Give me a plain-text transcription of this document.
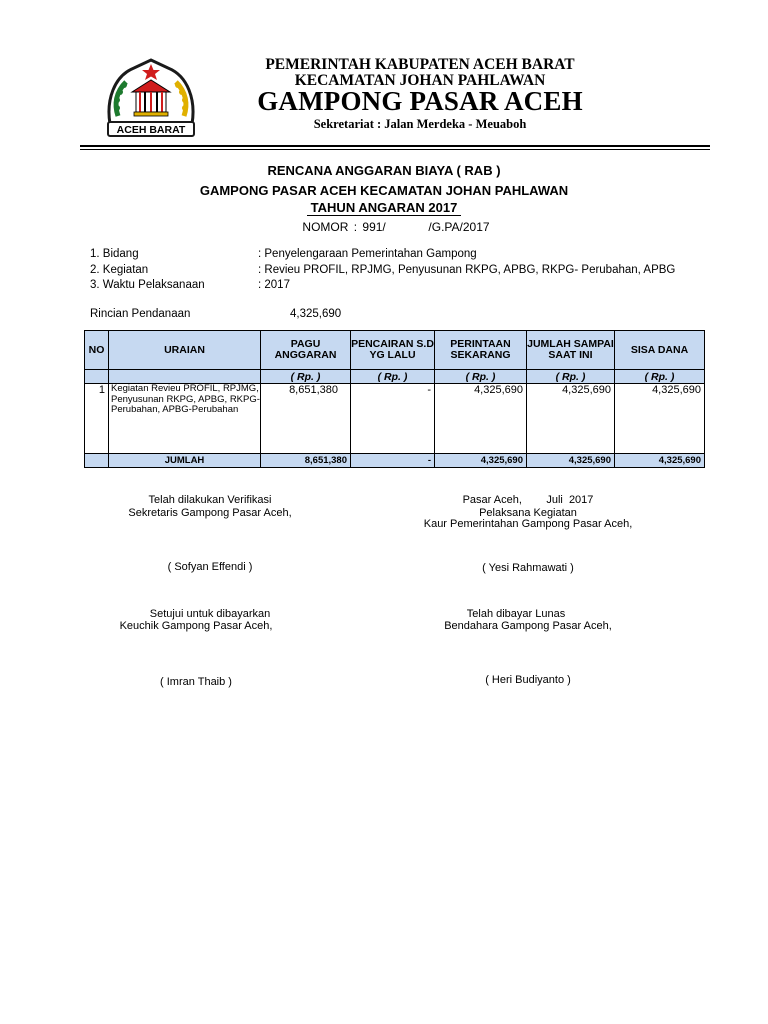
ACEH BARAT
PEMERINTAH KABUPATEN ACEH BARAT
KECAMATAN JOHAN PAHLAWAN
GAMPONG PASAR ACEH
Sekretariat : Jalan Merdeka - Meuaboh
RENCANA ANGGARAN BIAYA ( RAB )
GAMPONG PASAR ACEH KECAMATAN JOHAN PAHLAWAN
TAHUN ANGARAN 2017
NOMOR : 991/        /G.PA/2017
1. Bidang	: Penyelengaraan Pemerintahan Gampong
2. Kegiatan	: Revieu PROFIL, RPJMG, Penyusunan RKPG, APBG, RKPG- Perubahan, APBG
3. Waktu Pelaksanaan	: 2017
Rincian Pendanaan	4,325,690
NO	URAIAN	PAGU ANGGARAN	PENCAIRAN S.D YG LALU	PERINTAAN SEKARANG	JUMLAH SAMPAI SAAT INI	SISA DANA
		( Rp. )	( Rp. )	( Rp. )	( Rp. )	( Rp. )
1	Kegiatan Revieu PROFIL, RPJMG, Penyusunan RKPG, APBG, RKPG- Perubahan, APBG-Perubahan	8,651,380	-	4,325,690	4,325,690	4,325,690
	JUMLAH	8,651,380	-	4,325,690	4,325,690	4,325,690
Telah dilakukan Verifikasi
Sekretaris Gampong Pasar Aceh,
( Sofyan Effendi )
Pasar Aceh,        Juli  2017
Pelaksana Kegiatan
Kaur Pemerintahan Gampong Pasar Aceh,
( Yesi Rahmawati )
Setujui untuk dibayarkan
Keuchik Gampong Pasar Aceh,
( Imran Thaib )
Telah dibayar Lunas
Bendahara Gampong Pasar Aceh,
( Heri Budiyanto )
